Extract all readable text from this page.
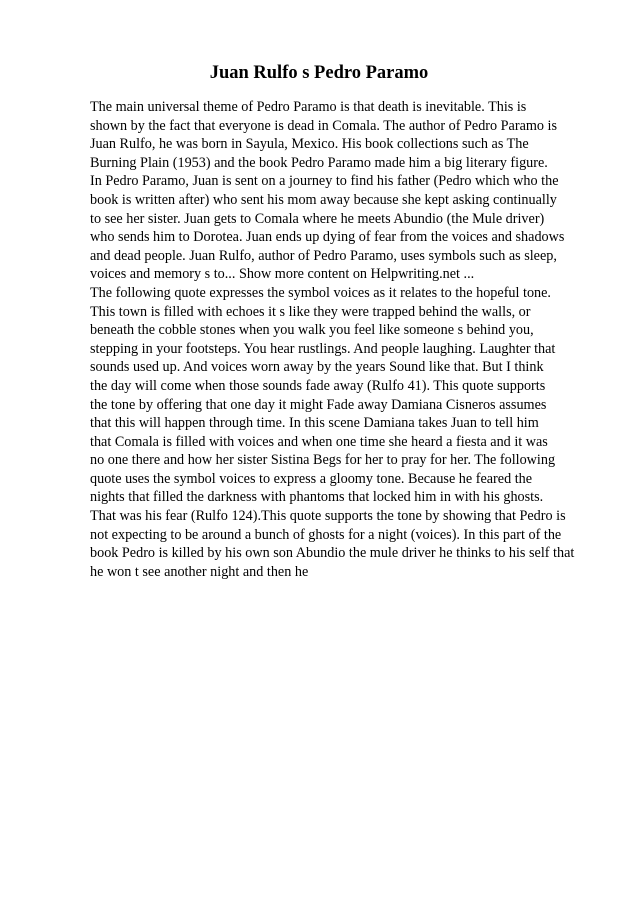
Juan Rulfo s Pedro Paramo
The main universal theme of Pedro Paramo is that death is inevitable. This is
shown by the fact that everyone is dead in Comala. The author of Pedro Paramo is
Juan Rulfo, he was born in Sayula, Mexico. His book collections such as The
Burning Plain (1953) and the book Pedro Paramo made him a big literary figure.
In Pedro Paramo, Juan is sent on a journey to find his father (Pedro which who the
book is written after) who sent his mom away because she kept asking continually
to see her sister. Juan gets to Comala where he meets Abundio (the Mule driver)
who sends him to Dorotea. Juan ends up dying of fear from the voices and shadows
and dead people. Juan Rulfo, author of Pedro Paramo, uses symbols such as sleep,
voices and memory s to... Show more content on Helpwriting.net ...
The following quote expresses the symbol voices as it relates to the hopeful tone.
This town is filled with echoes it s like they were trapped behind the walls, or
beneath the cobble stones when you walk you feel like someone s behind you,
stepping in your footsteps. You hear rustlings. And people laughing. Laughter that
sounds used up. And voices worn away by the years Sound like that. But I think
the day will come when those sounds fade away (Rulfo 41). This quote supports
the tone by offering that one day it might Fade away Damiana Cisneros assumes
that this will happen through time. In this scene Damiana takes Juan to tell him
that Comala is filled with voices and when one time she heard a fiesta and it was
no one there and how her sister Sistina Begs for her to pray for her. The following
quote uses the symbol voices to express a gloomy tone. Because he feared the
nights that filled the darkness with phantoms that locked him in with his ghosts.
That was his fear (Rulfo 124).This quote supports the tone by showing that Pedro is
not expecting to be around a bunch of ghosts for a night (voices). In this part of the
book Pedro is killed by his own son Abundio the mule driver he thinks to his self that
he won t see another night and then he
